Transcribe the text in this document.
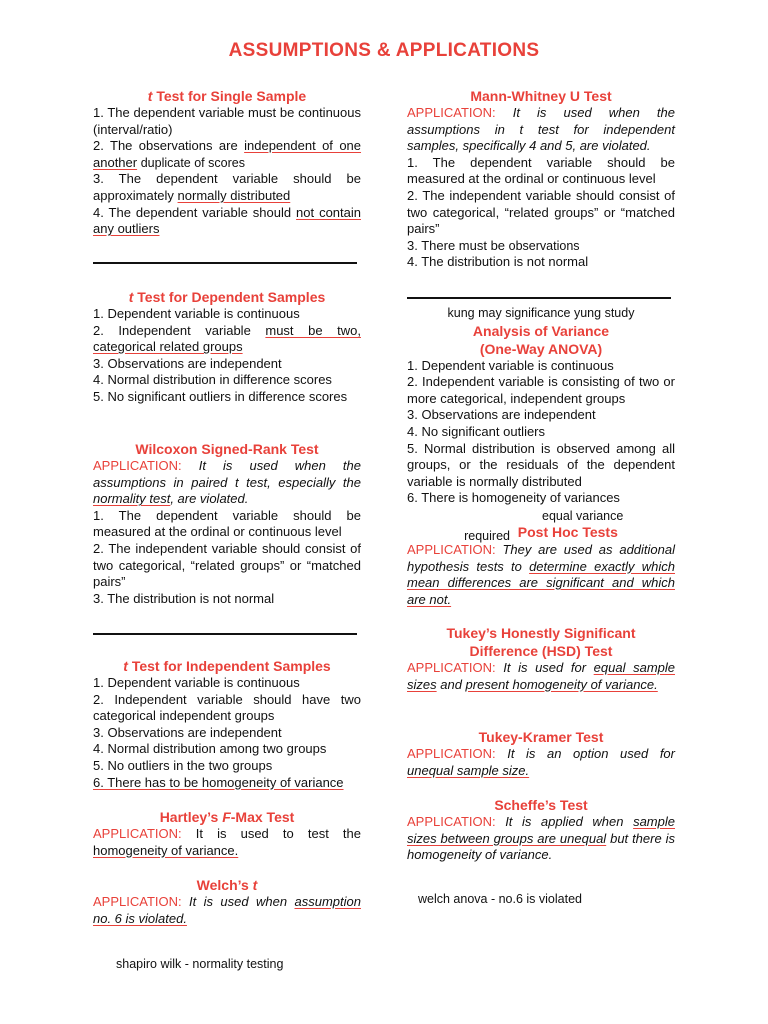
ASSUMPTIONS & APPLICATIONS
t Test for Single Sample

1. The dependent variable must be continuous (interval/ratio)

2. The observations are independent of one another duplicate of scores

3. The dependent variable should be approximately normally distributed

4. The dependent variable should not contain any outliers

t Test for Dependent Samples

1. Dependent variable is continuous

2. Independent variable must be two, categorical related groups

3. Observations are independent

4. Normal distribution in difference scores

5. No significant outliers in difference scores

Wilcoxon Signed-Rank Test

APPLICATION: It is used when the assumptions in paired t test, especially the normality test, are violated.

1. The dependent variable should be measured at the ordinal or continuous level

2. The independent variable should consist of two categorical, “related groups” or “matched pairs”

3. The distribution is not normal

t Test for Independent Samples

1. Dependent variable is continuous

2. Independent variable should have two categorical independent groups

3. Observations are independent

4. Normal distribution among two groups

5. No outliers in the two groups

6. There has to be homogeneity of variance

Hartley’s F-Max Test

APPLICATION: It is used to test the homogeneity of variance.

Welch’s t

APPLICATION: It is used when assumption no. 6 is violated.

shapiro wilk - normality testing
Mann-Whitney U Test

APPLICATION: It is used when the assumptions in t test for independent samples, specifically 4 and 5, are violated.

1. The dependent variable should be measured at the ordinal or continuous level

2. The independent variable should consist of two categorical, “related groups” or “matched pairs”

3. There must be observations

4. The distribution is not normal

kung may significance yung study
Analysis of Variance
(One-Way ANOVA)

1. Dependent variable is continuous

2. Independent variable is consisting of two or more categorical, independent groups

3. Observations are independent

4. No significant outliers

5. Normal distribution is observed among all groups, or the residuals of the dependent variable is normally distributed

6. There is homogeneity of variances

equal variance
required Post Hoc Tests

APPLICATION: They are used as additional hypothesis tests to determine exactly which mean differences are significant and which are not.

Tukey’s Honestly Significant
Difference (HSD) Test

APPLICATION: It is used for equal sample sizes and present homogeneity of variance.

Tukey-Kramer Test

APPLICATION: It is an option used for unequal sample size.

Scheffe’s Test

APPLICATION: It is applied when sample sizes between groups are unequal but there is homogeneity of variance.

welch anova - no.6 is violated
